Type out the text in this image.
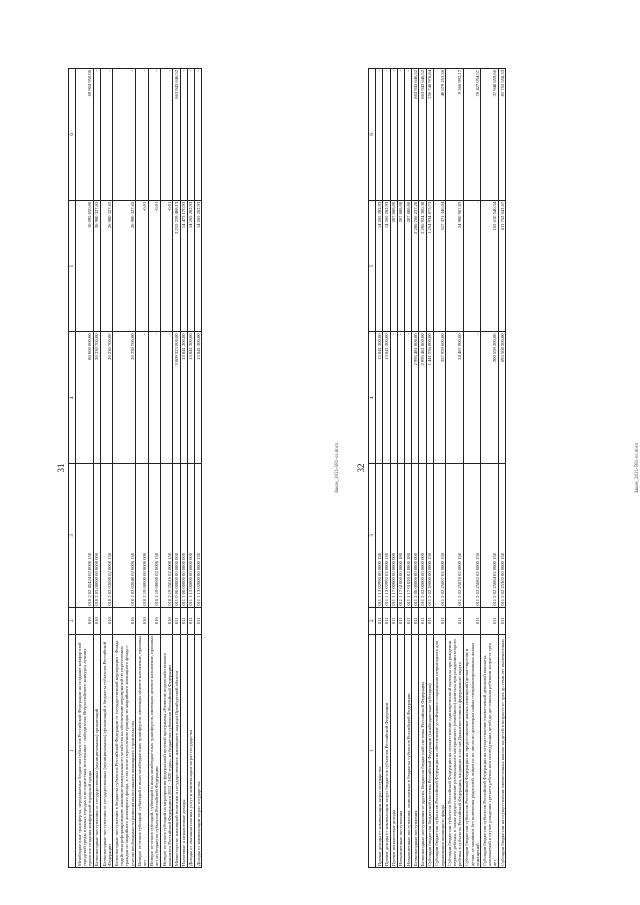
31
1	2	3	4	5	6
Межбюджетные трансферты, передаваемые бюджетам субъектов Российской Федерации на создание комфортной городской среды в малых городах и исторических поселениях - победителях Всероссийского конкурса лучших проектов создания комфортной городской среды	010	010 2 02 45424 02 0000 150	80 000 000,00	10 095 050,00	69 904 950,00
Безвозмездные поступления от государственных (муниципальных) организаций	010	010 2 03 00000 00 0000 000	20 230 700,00	26 980 327,65	-
Безвозмездные поступления от государственных (муниципальных) организаций в бюджеты субъектов Российской Федерации	010	010 2 03 02000 02 0000 150	20 230 700,00	26 980 327,65	-
Безвозмездные поступления в бюджеты субъектов Российской Федерации от государственной корпорации - Фонда содействия реформированию жилищно-коммунального хозяйства на обеспечение мероприятий по переселению граждан из аварийного жилищного фонда, в том числе переселению граждан из аварийного жилищного фонда с учетом необходимости развития малоэтажного жилищного строительства	010	010 2 03 02040 02 0000 150	20 230 700,00	26 980 327,65	-
Возврат остатков субсидий, субвенций и иных межбюджетных трансфертов, имеющих целевое назначение, прошлых лет	010	010 2 19 00000 00 0000 000	-	-0,01	-
Возврат остатков субсидий, субвенций и иных межбюджетных трансфертов, имеющих целевое назначение, прошлых лет из бюджетов субъектов Российской Федерации	010	010 2 19 00000 02 0000 150	-	-0,01	-
Возврат остатков субсидий на мероприятия федеральной целевой программы «Развитие водохозяйственного комплекса Российской Федерации в 2012 - 2020 годах» из бюджетов субъектов Российской Федерации	010	010 2 19 25016 02 0000 150	-	-0,01	-
Министерство жилищной политики и государственного жилищного надзора Оренбургской области	011	011 0 00 00000 00 0000 000	3 009 323 000,00	2 215 239 408,13	863 943 646,52
Налоговые и неналоговые доходы	011	011 1 00 00000 00 0000 000	13 841 200,00	14 473 170,93	-
Доходы от оказания платных услуг и компенсации затрат государства	011	011 1 13 00000 00 0000 000	13 841 200,00	14 265 282,93	-
Доходы от компенсации затрат государства	011	011 1 13 02000 00 0000 130	13 841 200,00	14 265 282,93	-
Закон_2021-581-оз.docx 32
1	2	3	4	5	6
Прочие доходы от компенсации затрат государства	011	011 1 13 02990 00 0000 130	13 841 200,00	14 265 282,93	-
Прочие доходы от компенсации затрат бюджетов субъектов Российской Федерации	011	011 1 13 02992 02 0000 130	13 841 200,00	14 265 282,93	-
Прочие неналоговые доходы	011	011 1 17 00000 00 0000 000	-	207 888,00	-
Невыясненные поступления	011	011 1 17 01000 00 0000 180	-	207 888,00	-
Невыясненные поступления, зачисляемые в бюджеты субъектов Российской Федерации	011	011 1 17 01020 02 0000 180	-	207 888,00	-
Безвозмездные поступления	011	011 2 00 00000 00 0000 000	2 995 481 800,00	2 200 766 237,20	863 943 646,52
Безвозмездные поступления от других бюджетов бюджетной системы Российской Федерации	011	011 2 02 00000 00 0000 000	2 995 481 800,00	2 206 924 300,38	863 943 646,52
Субсидии бюджетам бюджетной системы Российской Федерации (межбюджетные субсидии)	011	011 2 02 20000 00 0000 150	1 441 256 800,00	1 254 934 875,73	256 748 978,84
Субсидии бюджетам субъектов Российской Федерации на обеспечение устойчивого сокращения непригодного для проживания жилищного фонда	011	011 2 02 25007 02 0000 150	357 959 600,00	317 371 346,64	40 579 253,36
Субсидии бюджетам субъектов Российской Федерации на осуществление единовременной выплаты при рождении первого ребенка, в также предоставление регионального материнского (семейного) капитала при рождении второго ребенка в субъектах Российской Федерации, входящих в состав Дальневосточного федерального округа	011	011 2 02 25078 02 0000 150	34 467 900,00	24 900 907,83	9 566 992,17
Субсидии бюджетам субъектов Российской Федерации на предоставление жилых помещений детям-сиротам и детям, оставшимся без попечения родителей, лицам из их числа по договорам найма специализированных жилых помещений	011	011 2 02 25082 02 0000 150	-	-	70 427 054,57
Субсидии бюджетам субъектов Российской Федерации на осуществление ежемесячной денежной выплаты, назначаемой в случае рождения третьего ребенка или последующих детей до достижения ребенком возраста трех лет	011	011 2 02 25084 02 0000 150	200 559 200,00	162 610 540,34	37 948 659,66
Субсидии бюджетам на осуществление ежемесячных выплат на детей в возрасте от трех до семи лет включительно	011	011 2 02 25302 00 0000 150	693 508 200,00	611 752 641,67	81 755 558,33
Закон_2021-581-оз.docx
